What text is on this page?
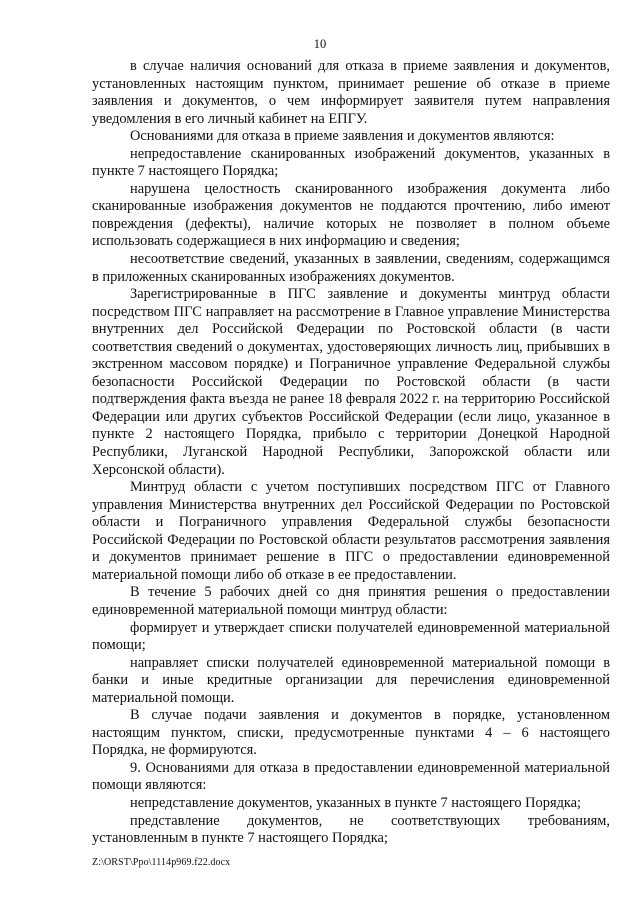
10

в случае наличия оснований для отказа в приеме заявления и документов, установленных настоящим пунктом, принимает решение об отказе в приеме заявления и документов, о чем информирует заявителя путем направления уведомления в его личный кабинет на ЕПГУ.

Основаниями для отказа в приеме заявления и документов являются:

непредоставление сканированных изображений документов, указанных в пункте 7 настоящего Порядка;

нарушена целостность сканированного изображения документа либо сканированные изображения документов не поддаются прочтению, либо имеют повреждения (дефекты), наличие которых не позволяет в полном объеме использовать содержащиеся в них информацию и сведения;

несоответствие сведений, указанных в заявлении, сведениям, содержащимся в приложенных сканированных изображениях документов.

Зарегистрированные в ПГС заявление и документы минтруд области посредством ПГС направляет на рассмотрение в Главное управление Министерства внутренних дел Российской Федерации по Ростовской области (в части соответствия сведений о документах, удостоверяющих личность лиц, прибывших в экстренном массовом порядке) и Пограничное управление Федеральной службы безопасности Российской Федерации по Ростовской области (в части подтверждения факта въезда не ранее 18 февраля 2022 г. на территорию Российской Федерации или других субъектов Российской Федерации (если лицо, указанное в пункте 2 настоящего Порядка, прибыло с территории Донецкой Народной Республики, Луганской Народной Республики, Запорожской области или Херсонской области).

Минтруд области с учетом поступивших посредством ПГС от Главного управления Министерства внутренних дел Российской Федерации по Ростовской области и Пограничного управления Федеральной службы безопасности Российской Федерации по Ростовской области результатов рассмотрения заявления и документов принимает решение в ПГС о предоставлении единовременной материальной помощи либо об отказе в ее предоставлении.

В течение 5 рабочих дней со дня принятия решения о предоставлении единовременной материальной помощи минтруд области:

формирует и утверждает списки получателей единовременной материальной помощи;

направляет списки получателей единовременной материальной помощи в банки и иные кредитные организации для перечисления единовременной материальной помощи.

В случае подачи заявления и документов в порядке, установленном настоящим пунктом, списки, предусмотренные пунктами 4 – 6 настоящего Порядка, не формируются.

9. Основаниями для отказа в предоставлении единовременной материальной помощи являются:

непредставление документов, указанных в пункте 7 настоящего Порядка;

представление документов, не соответствующих требованиям, установленным в пункте 7 настоящего Порядка;

Z:\ORST\Ppo\1114p969.f22.docx
